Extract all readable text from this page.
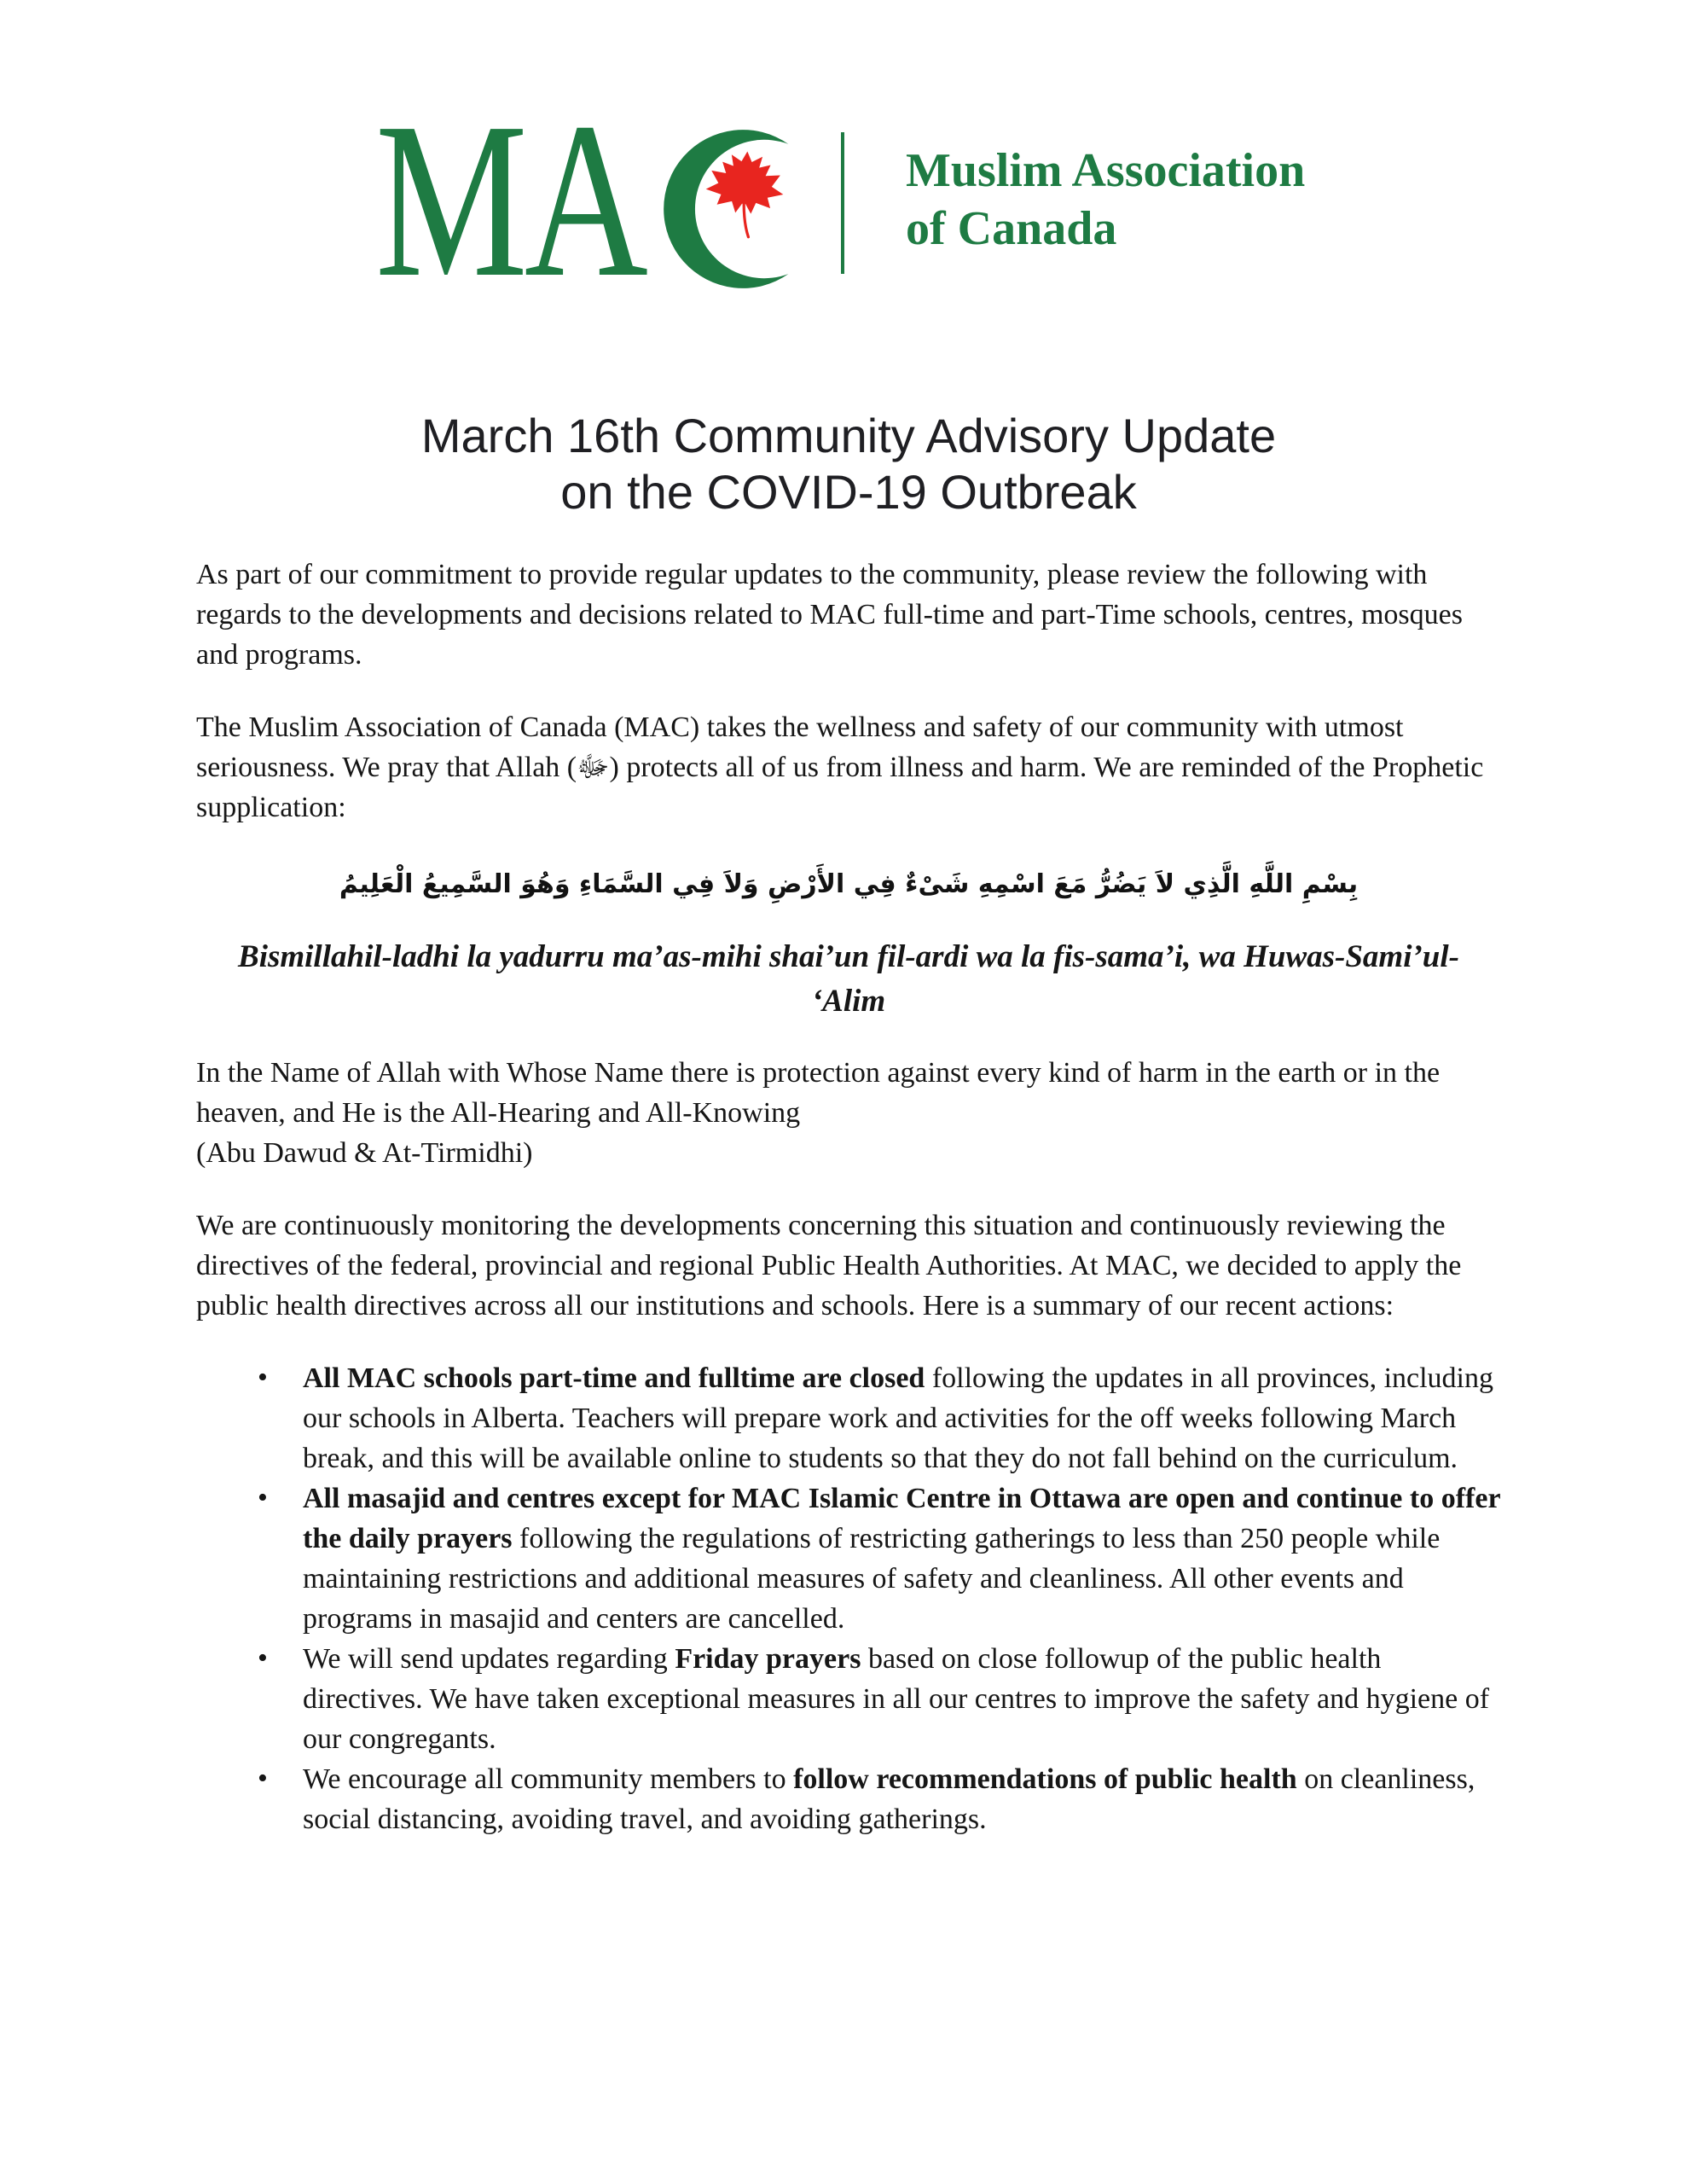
MA	Muslim Association
of Canada
March 16th Community Advisory Update
on the COVID-19 Outbreak

As part of our commitment to provide regular updates to the community, please review the following with regards to the developments and decisions related to MAC full-time and part-Time schools, centres, mosques and programs.

The Muslim Association of Canada (MAC) takes the wellness and safety of our community with utmost seriousness. We pray that Allah (ﷻ) protects all of us from illness and harm. We are reminded of the Prophetic supplication:

بِسْمِ اللَّهِ الَّذِي لاَ يَضُرُّ مَعَ اسْمِهِ شَىْءٌ فِي الأَرْضِ وَلاَ فِي السَّمَاءِ وَهُوَ السَّمِيعُ الْعَلِيمُ

Bismillahil-ladhi la yadurru ma’as-mihi shai’un fil-ardi wa la fis-sama’i, wa Huwas-Sami’ul-
‘Alim

In the Name of Allah with Whose Name there is protection against every kind of harm in the earth or in the heaven, and He is the All-Hearing and All-Knowing
(Abu Dawud & At-Tirmidhi)

We are continuously monitoring the developments concerning this situation and continuously reviewing the directives of the federal, provincial and regional Public Health Authorities. At MAC, we decided to apply the public health directives across all our institutions and schools. Here is a summary of our recent actions:

• All MAC schools part-time and fulltime are closed following the updates in all provinces, including our schools in Alberta. Teachers will prepare work and activities for the off weeks following March break, and this will be available online to students so that they do not fall behind on the curriculum.
• All masajid and centres except for MAC Islamic Centre in Ottawa are open and continue to offer the daily prayers following the regulations of restricting gatherings to less than 250 people while maintaining restrictions and additional measures of safety and cleanliness. All other events and programs in masajid and centers are cancelled.
• We will send updates regarding Friday prayers based on close followup of the public health directives. We have taken exceptional measures in all our centres to improve the safety and hygiene of our congregants.
• We encourage all community members to follow recommendations of public health on cleanliness, social distancing, avoiding travel, and avoiding gatherings.
